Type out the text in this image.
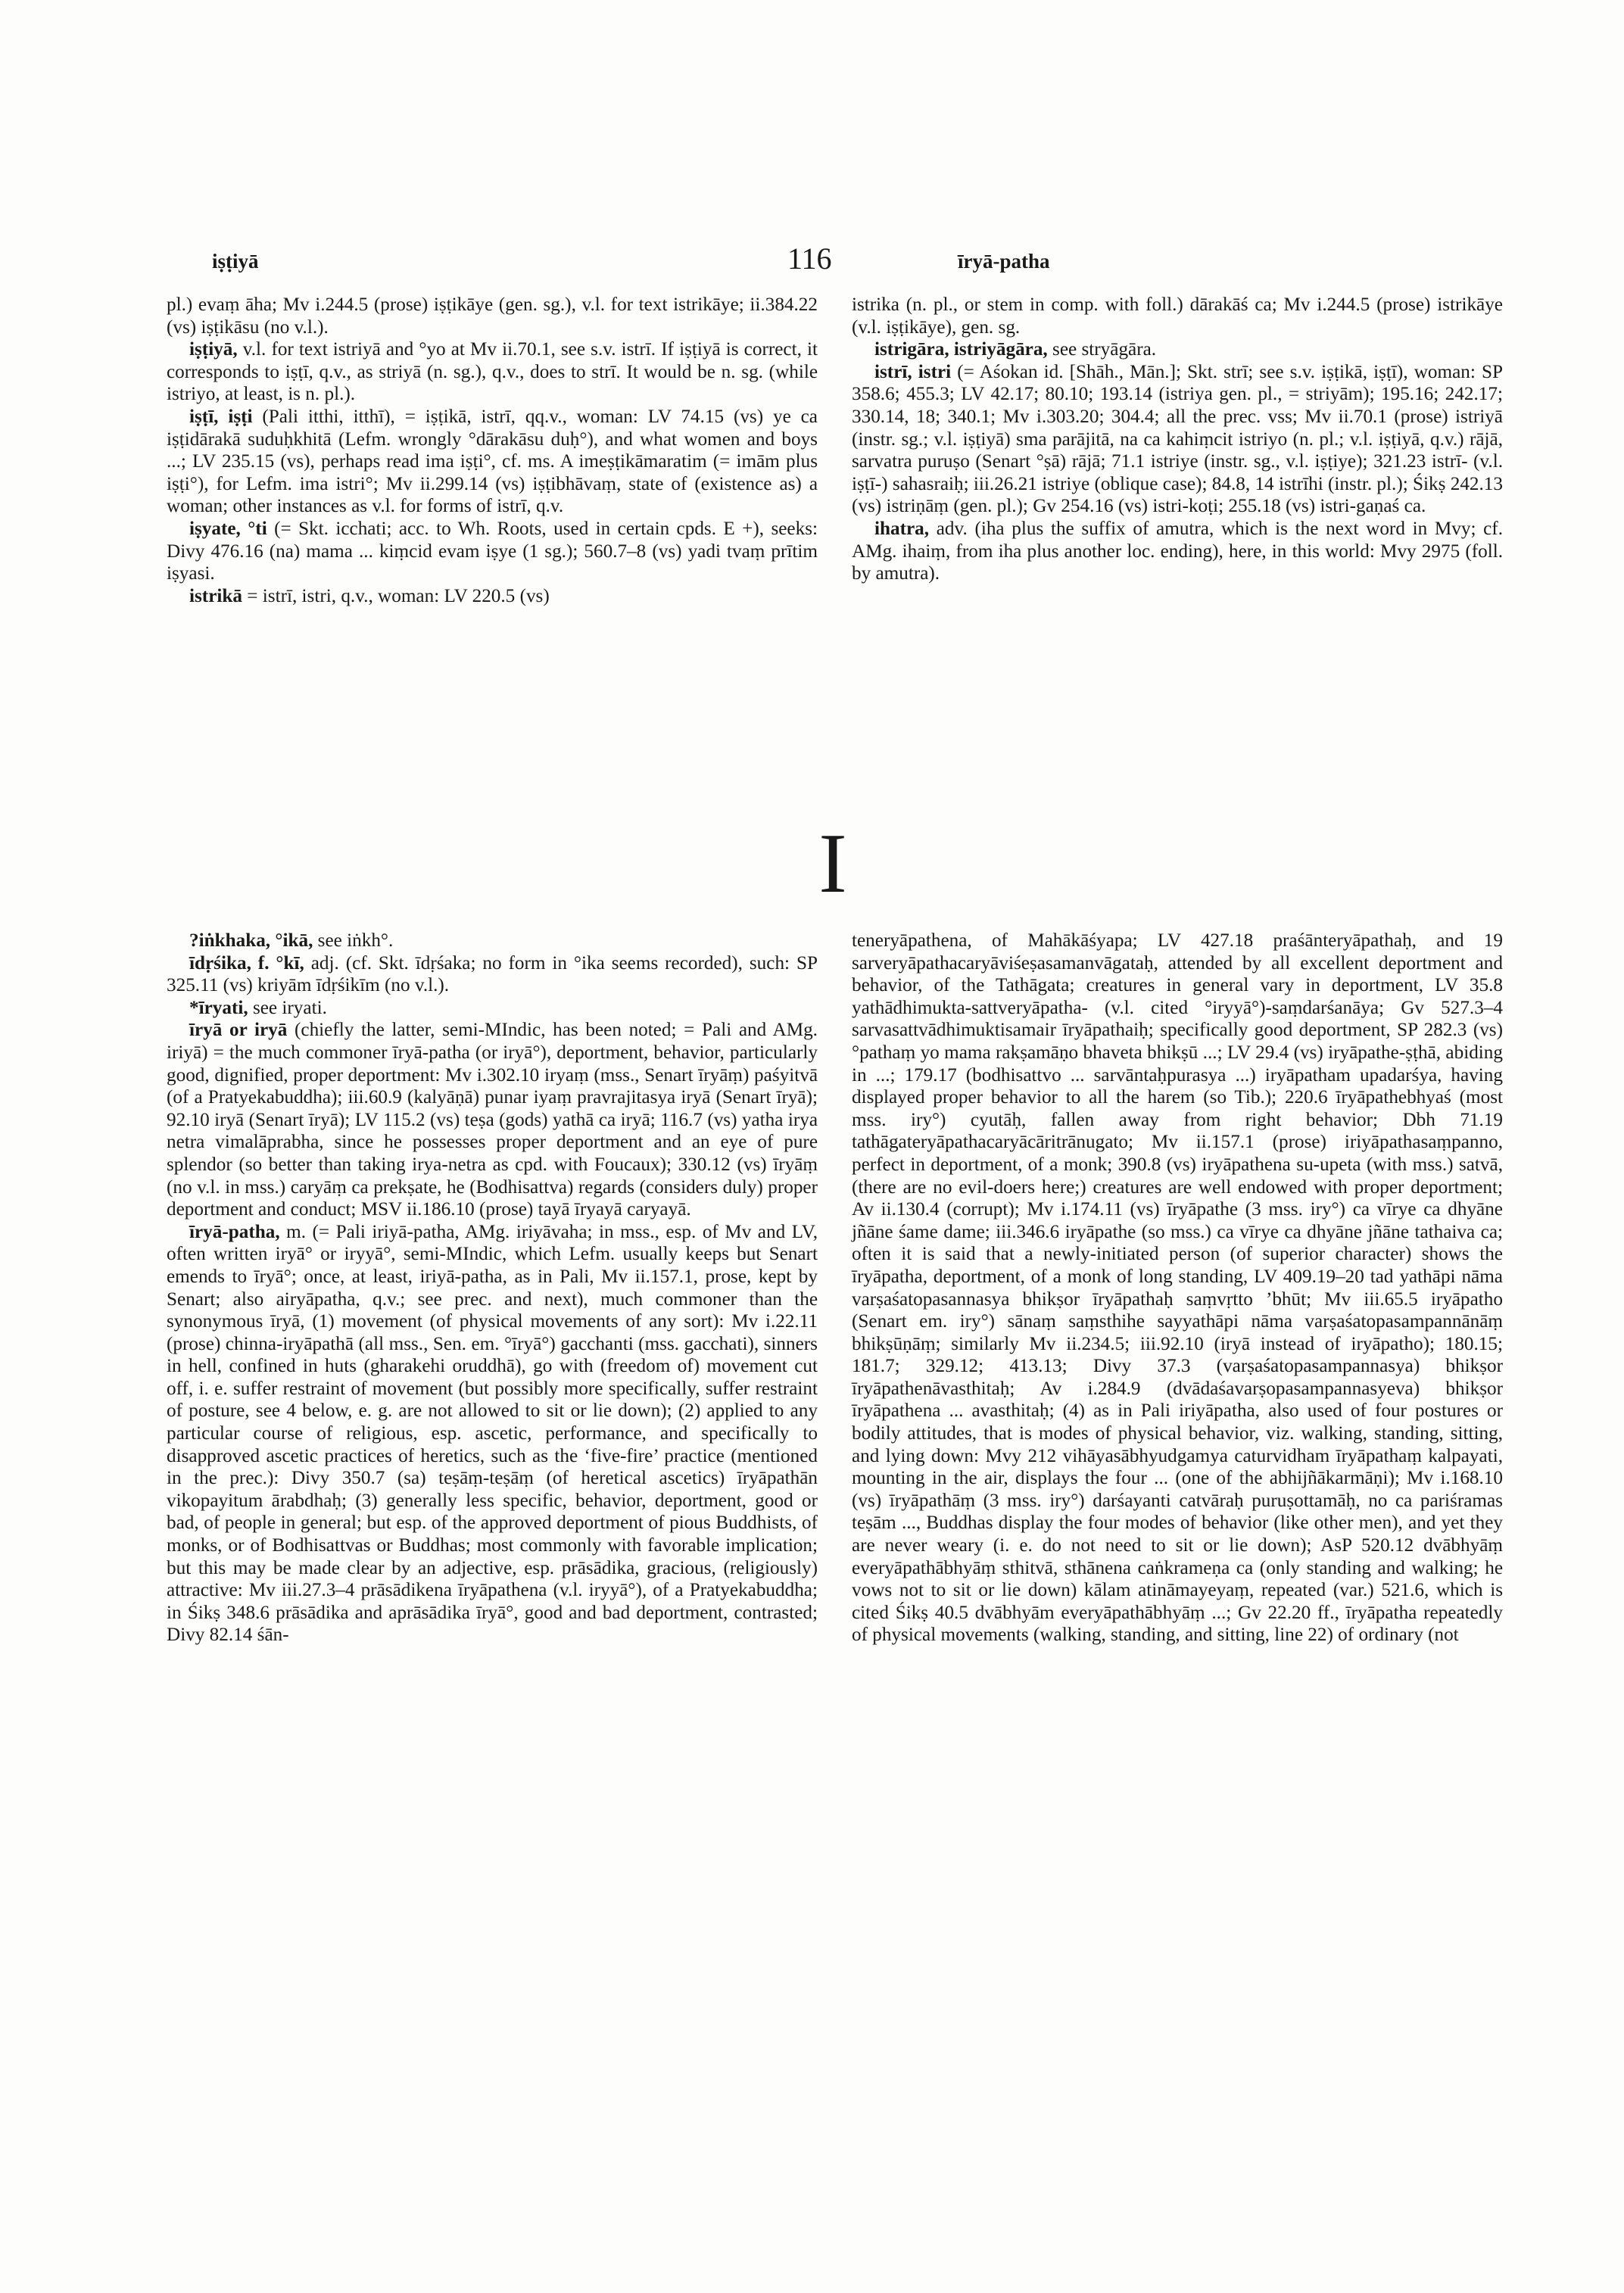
iṣṭiyā	116	īryā-patha

pl.) evaṃ āha; Mv i.244.5 (prose) iṣṭikāye (gen. sg.), v.l. for text istrikāye; ii.384.22 (vs) iṣṭikāsu (no v.l.).

iṣṭiyā, v.l. for text istriyā and °yo at Mv ii.70.1, see s.v. istrī. If iṣṭiyā is correct, it corresponds to iṣṭī, q.v., as striyā (n. sg.), q.v., does to strī. It would be n. sg. (while istriyo, at least, is n. pl.).

iṣṭī, iṣṭi (Pali itthi, itthī), = iṣṭikā, istrī, qq.v., woman: LV 74.15 (vs) ye ca iṣṭidārakā suduḥkhitā (Lefm. wrongly °dārakāsu duḥ°), and what women and boys ...; LV 235.15 (vs), perhaps read ima iṣṭi°, cf. ms. A imeṣṭikāmaratim (= imām plus iṣṭi°), for Lefm. ima istri°; Mv ii.299.14 (vs) iṣṭibhāvaṃ, state of (existence as) a woman; other instances as v.l. for forms of istrī, q.v.

iṣyate, °ti (= Skt. icchati; acc. to Wh. Roots, used in certain cpds. E +), seeks: Divy 476.16 (na) mama ... kiṃcid evam iṣye (1 sg.); 560.7–8 (vs) yadi tvaṃ prītim iṣyasi.

istrikā = istrī, istri, q.v., woman: LV 220.5 (vs)

istrika (n. pl., or stem in comp. with foll.) dārakāś ca; Mv i.244.5 (prose) istrikāye (v.l. iṣṭikāye), gen. sg.

istrigāra, istriyāgāra, see stryāgāra.

istrī, istri (= Aśokan id. [Shāh., Mān.]; Skt. strī; see s.v. iṣṭikā, iṣṭī), woman: SP 358.6; 455.3; LV 42.17; 80.10; 193.14 (istriya gen. pl., = striyām); 195.16; 242.17; 330.14, 18; 340.1; Mv i.303.20; 304.4; all the prec. vss; Mv ii.70.1 (prose) istriyā (instr. sg.; v.l. iṣṭiyā) sma parājitā, na ca kahiṃcit istriyo (n. pl.; v.l. iṣṭiyā, q.v.) rājā, sarvatra puruṣo (Senart °ṣā) rājā; 71.1 istriye (instr. sg., v.l. iṣṭiye); 321.23 istrī- (v.l. iṣṭī-) sahasraiḥ; iii.26.21 istriye (oblique case); 84.8, 14 istrīhi (instr. pl.); Śikṣ 242.13 (vs) istriṇāṃ (gen. pl.); Gv 254.16 (vs) istri-koṭi; 255.18 (vs) istri-gaṇaś ca.

ihatra, adv. (iha plus the suffix of amutra, which is the next word in Mvy; cf. AMg. ihaiṃ, from iha plus another loc. ending), here, in this world: Mvy 2975 (foll. by amutra).

I

?iṅkhaka, °ikā, see iṅkh°.

īdṛśika, f. °kī, adj. (cf. Skt. īdṛśaka; no form in °ika seems recorded), such: SP 325.11 (vs) kriyām īdṛśikīm (no v.l.).

*īryati, see iryati.

īryā or iryā (chiefly the latter, semi-MIndic, has been noted; = Pali and AMg. iriyā) = the much commoner īryā-patha (or iryā°), deportment, behavior, particularly good, dignified, proper deportment: Mv i.302.10 iryaṃ (mss., Senart īryāṃ) paśyitvā (of a Pratyekabuddha); iii.60.9 (kalyāṇā) punar iyaṃ pravrajitasya iryā (Senart īryā); 92.10 iryā (Senart īryā); LV 115.2 (vs) teṣa (gods) yathā ca iryā; 116.7 (vs) yatha irya netra vimalāprabha, since he possesses proper deportment and an eye of pure splendor (so better than taking irya-netra as cpd. with Foucaux); 330.12 (vs) īryāṃ (no v.l. in mss.) caryāṃ ca prekṣate, he (Bodhisattva) regards (considers duly) proper deportment and conduct; MSV ii.186.10 (prose) tayā īryayā caryayā.

īryā-patha, m. (= Pali iriyā-patha, AMg. iriyāvaha; in mss., esp. of Mv and LV, often written iryā° or iryyā°, semi-MIndic, which Lefm. usually keeps but Senart emends to īryā°; once, at least, iriyā-patha, as in Pali, Mv ii.157.1, prose, kept by Senart; also airyāpatha, q.v.; see prec. and next), much commoner than the synonymous īryā, (1) movement (of physical movements of any sort): Mv i.22.11 (prose) chinna-iryāpathā (all mss., Sen. em. °īryā°) gacchanti (mss. gacchati), sinners in hell, confined in huts (gharakehi oruddhā), go with (freedom of) movement cut off, i. e. suffer restraint of movement (but possibly more specifically, suffer restraint of posture, see 4 below, e. g. are not allowed to sit or lie down); (2) applied to any particular course of religious, esp. ascetic, performance, and specifically to disapproved ascetic practices of heretics, such as the ‘five-fire’ practice (mentioned in the prec.): Divy 350.7 (sa) teṣāṃ-teṣāṃ (of heretical ascetics) īryāpathān vikopayitum ārabdhaḥ; (3) generally less specific, behavior, deportment, good or bad, of people in general; but esp. of the approved deportment of pious Buddhists, of monks, or of Bodhisattvas or Buddhas; most commonly with favorable implication; but this may be made clear by an adjective, esp. prāsādika, gracious, (religiously) attractive: Mv iii.27.3–4 prāsādikena īryāpathena (v.l. iryyā°), of a Pratyekabuddha; in Śikṣ 348.6 prāsādika and aprāsādika īryā°, good and bad deportment, contrasted; Divy 82.14 śān-

teneryāpathena, of Mahākāśyapa; LV 427.18 praśānteryāpathaḥ, and 19 sarveryāpathacaryāviśeṣasamanvāgataḥ, attended by all excellent deportment and behavior, of the Tathāgata; creatures in general vary in deportment, LV 35.8 yathādhimukta-sattveryāpatha- (v.l. cited °iryyā°)-saṃdarśanāya; Gv 527.3–4 sarvasattvādhimuktisamair īryāpathaiḥ; specifically good deportment, SP 282.3 (vs) °pathaṃ yo mama rakṣamāṇo bhaveta bhikṣū ...; LV 29.4 (vs) iryāpathe-ṣṭhā, abiding in ...; 179.17 (bodhisattvo ... sarvāntaḥpurasya ...) iryāpatham upadarśya, having displayed proper behavior to all the harem (so Tib.); 220.6 īryāpathebhyaś (most mss. iry°) cyutāḥ, fallen away from right behavior; Dbh 71.19 tathāgateryāpathacaryācāritrānugato; Mv ii.157.1 (prose) iriyāpathasaṃpanno, perfect in deportment, of a monk; 390.8 (vs) iryāpathena su-upeta (with mss.) satvā, (there are no evil-doers here;) creatures are well endowed with proper deportment; Av ii.130.4 (corrupt); Mv i.174.11 (vs) īryāpathe (3 mss. iry°) ca vīrye ca dhyāne jñāne śame dame; iii.346.6 iryāpathe (so mss.) ca vīrye ca dhyāne jñāne tathaiva ca; often it is said that a newly-initiated person (of superior character) shows the īryāpatha, deportment, of a monk of long standing, LV 409.19–20 tad yathāpi nāma varṣaśatopasannasya bhikṣor īryāpathaḥ saṃvṛtto ’bhūt; Mv iii.65.5 iryāpatho (Senart em. iry°) sānaṃ saṃsthihe sayyathāpi nāma varṣaśatopasampannānāṃ bhikṣūṇāṃ; similarly Mv ii.234.5; iii.92.10 (iryā instead of iryāpatho); 180.15; 181.7; 329.12; 413.13; Divy 37.3 (varṣaśatopasampannasya) bhikṣor īryāpathenāvasthitaḥ; Av i.284.9 (dvādaśavarṣopasampannasyeva) bhikṣor īryāpathena ... avasthitaḥ; (4) as in Pali iriyāpatha, also used of four postures or bodily attitudes, that is modes of physical behavior, viz. walking, standing, sitting, and lying down: Mvy 212 vihāyasābhyudgamya caturvidham īryāpathaṃ kalpayati, mounting in the air, displays the four ... (one of the abhijñākarmāṇi); Mv i.168.10 (vs) īryāpathāṃ (3 mss. iry°) darśayanti catvāraḥ puruṣottamāḥ, no ca pariśramas teṣām ..., Buddhas display the four modes of behavior (like other men), and yet they are never weary (i. e. do not need to sit or lie down); AsP 520.12 dvābhyāṃ everyāpathābhyāṃ sthitvā, sthānena caṅkrameṇa ca (only standing and walking; he vows not to sit or lie down) kālam atināmayeyaṃ, repeated (var.) 521.6, which is cited Śikṣ 40.5 dvābhyām everyāpathābhyāṃ ...; Gv 22.20 ff., īryāpatha repeatedly of physical movements (walking, standing, and sitting, line 22) of ordinary (not
